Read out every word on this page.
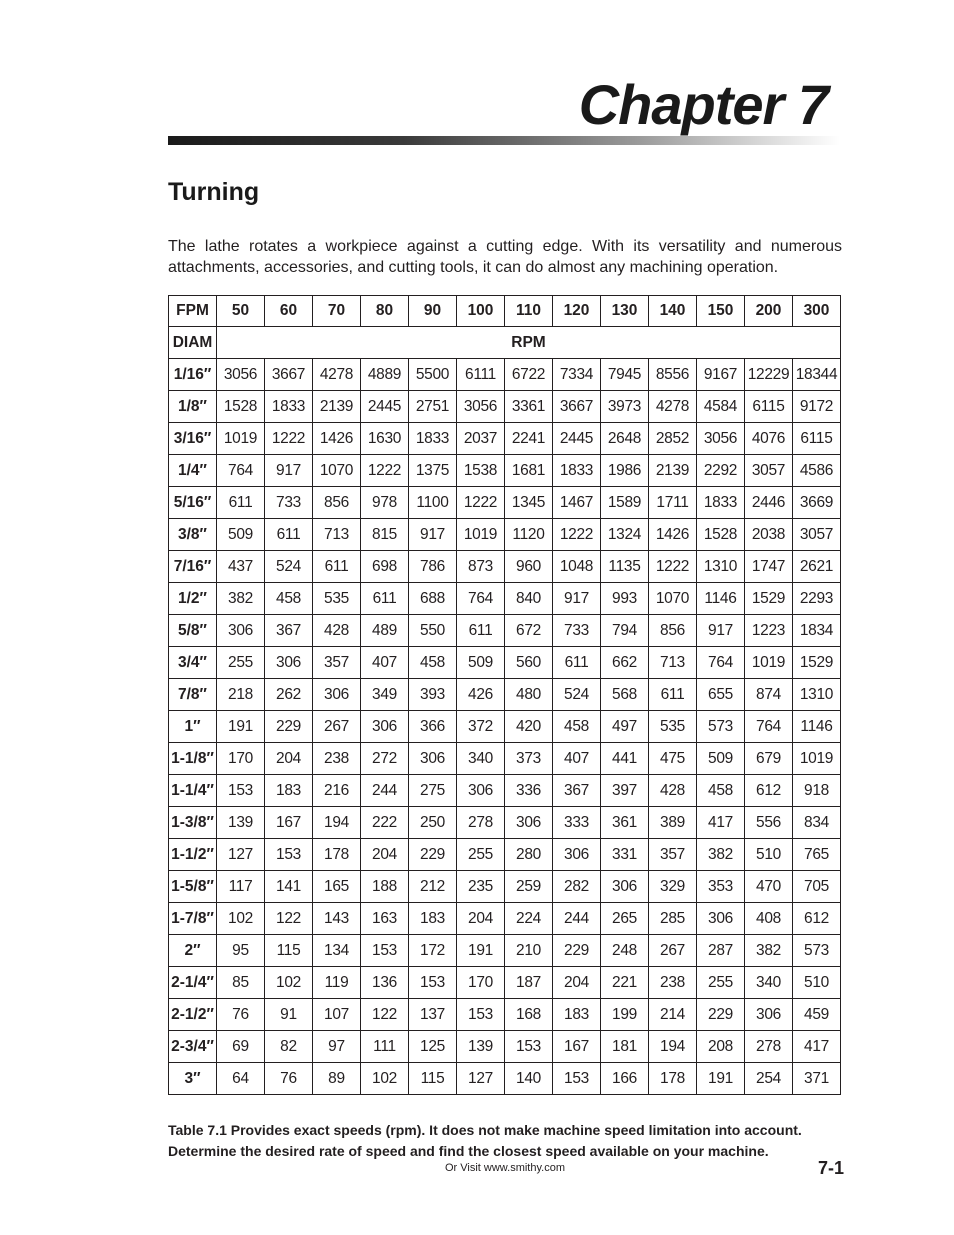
Chapter 7
Turning

The lathe rotates a workpiece against a cutting edge. With its versatility and numerous attachments, accessories, and cutting tools, it can do almost any machining operation.

FPM	50	60	70	80	90	100	110	120	130	140	150	200	300
DIAM	RPM												
1/16″	3056	3667	4278	4889	5500	6111	6722	7334	7945	8556	9167	12229	18344
1/8″	1528	1833	2139	2445	2751	3056	3361	3667	3973	4278	4584	6115	9172
3/16″	1019	1222	1426	1630	1833	2037	2241	2445	2648	2852	3056	4076	6115
1/4″	764	917	1070	1222	1375	1538	1681	1833	1986	2139	2292	3057	4586
5/16″	611	733	856	978	1100	1222	1345	1467	1589	1711	1833	2446	3669
3/8″	509	611	713	815	917	1019	1120	1222	1324	1426	1528	2038	3057
7/16″	437	524	611	698	786	873	960	1048	1135	1222	1310	1747	2621
1/2″	382	458	535	611	688	764	840	917	993	1070	1146	1529	2293
5/8″	306	367	428	489	550	611	672	733	794	856	917	1223	1834
3/4″	255	306	357	407	458	509	560	611	662	713	764	1019	1529
7/8″	218	262	306	349	393	426	480	524	568	611	655	874	1310
1″	191	229	267	306	366	372	420	458	497	535	573	764	1146
1-1/8″	170	204	238	272	306	340	373	407	441	475	509	679	1019
1-1/4″	153	183	216	244	275	306	336	367	397	428	458	612	918
1-3/8″	139	167	194	222	250	278	306	333	361	389	417	556	834
1-1/2″	127	153	178	204	229	255	280	306	331	357	382	510	765
1-5/8″	117	141	165	188	212	235	259	282	306	329	353	470	705
1-7/8″	102	122	143	163	183	204	224	244	265	285	306	408	612
2″	95	115	134	153	172	191	210	229	248	267	287	382	573
2-1/4″	85	102	119	136	153	170	187	204	221	238	255	340	510
2-1/2″	76	91	107	122	137	153	168	183	199	214	229	306	459
2-3/4″	69	82	97	111	125	139	153	167	181	194	208	278	417
3″	64	76	89	102	115	127	140	153	166	178	191	254	371

Table 7.1 Provides exact speeds (rpm). It does not make machine speed limitation into account.
Determine the desired rate of speed and find the closest speed available on your machine.

Or Visit www.smithy.com	7-1
